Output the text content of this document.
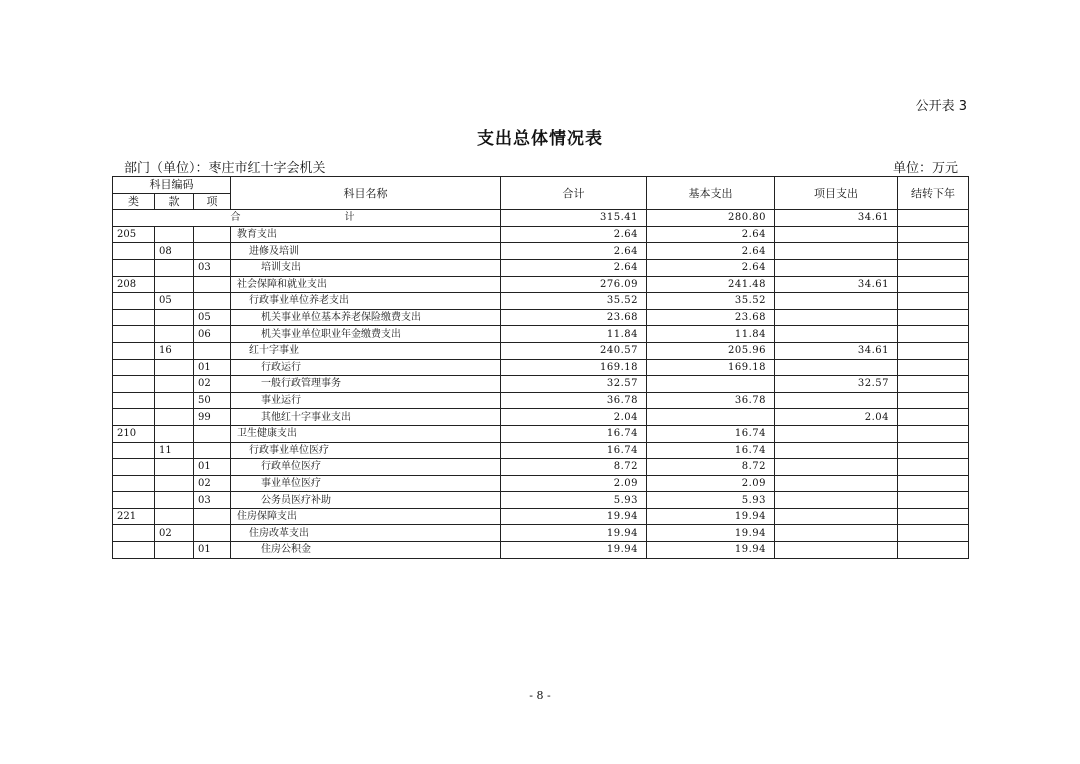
公开表 3
支出总体情况表
部门（单位）：枣庄市红十字会机关	单位：万元
科目编码			科目名称	合计	基本支出	项目支出	结转下年
类	款	项					
合　　计				315.41	280.80	34.61	
205			教育支出	2.64	2.64		
	08		进修及培训	2.64	2.64		
		03	培训支出	2.64	2.64		
208			社会保障和就业支出	276.09	241.48	34.61	
	05		行政事业单位养老支出	35.52	35.52		
		05	机关事业单位基本养老保险缴费支出	23.68	23.68		
		06	机关事业单位职业年金缴费支出	11.84	11.84		
	16		红十字事业	240.57	205.96	34.61	
		01	行政运行	169.18	169.18		
		02	一般行政管理事务	32.57		32.57	
		50	事业运行	36.78	36.78		
		99	其他红十字事业支出	2.04		2.04	
210			卫生健康支出	16.74	16.74		
	11		行政事业单位医疗	16.74	16.74		
		01	行政单位医疗	8.72	8.72		
		02	事业单位医疗	2.09	2.09		
		03	公务员医疗补助	5.93	5.93		
221			住房保障支出	19.94	19.94		
	02		住房改革支出	19.94	19.94		
		01	住房公积金	19.94	19.94		
- 8 -
